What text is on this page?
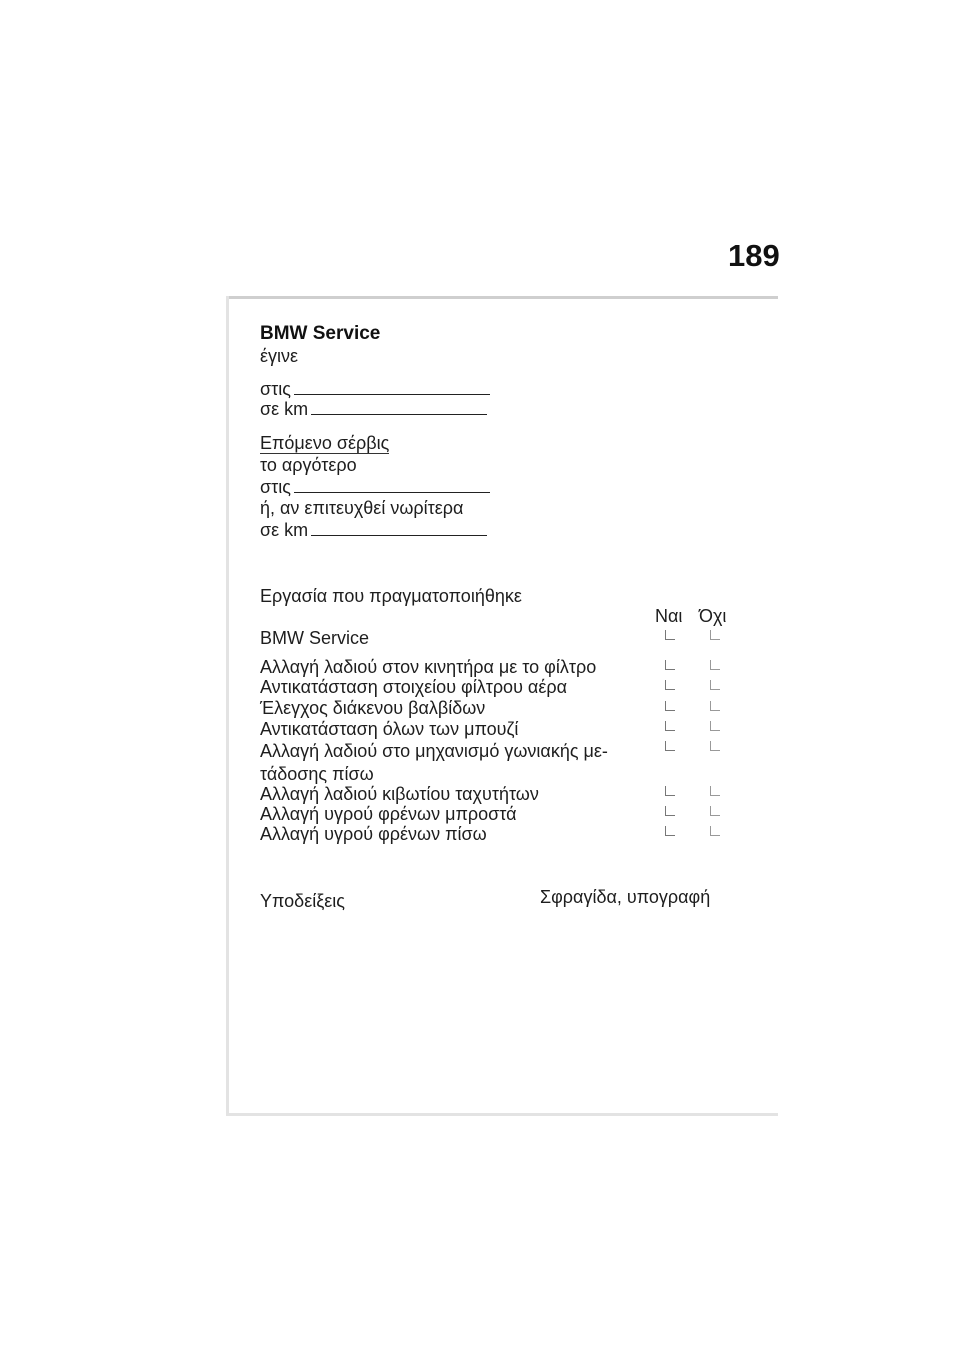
189
BMW Service
έγινε
στις
σε km
Επόμενο σέρβις
το αργότερο
στις
ή, αν επιτευχθεί νωρίτερα
σε km
Εργασία που πραγματοποιήθηκε
Ναι Όχι
BMW Service
Αλλαγή λαδιού στον κινητήρα με το φίλτρο
Αντικατάσταση στοιχείου φίλτρου αέρα
Έλεγχος διάκενου βαλβίδων
Αντικατάσταση όλων των μπουζί
Αλλαγή λαδιού στο μηχανισμό γωνιακής με-
τάδοσης πίσω
Αλλαγή λαδιού κιβωτίου ταχυτήτων
Αλλαγή υγρού φρένων μπροστά
Αλλαγή υγρού φρένων πίσω
Υποδείξεις	Σφραγίδα, υπογραφή
